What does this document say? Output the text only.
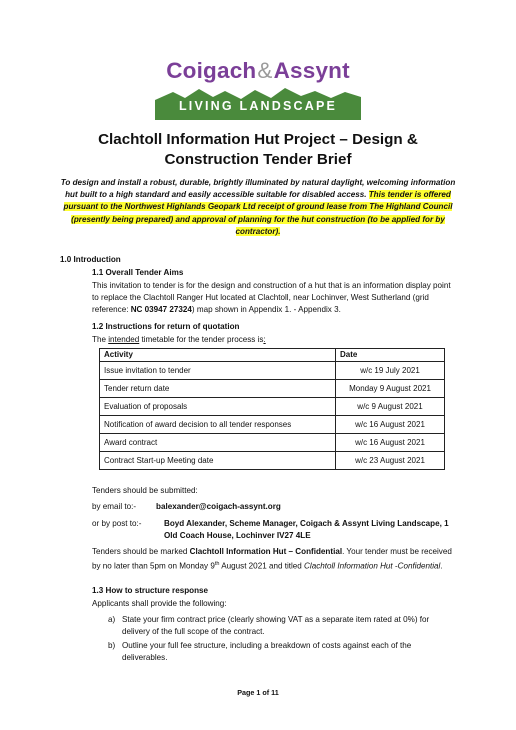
Coigach&Assynt
LIVING LANDSCAPE
Clachtoll Information Hut Project – Design &
Construction Tender Brief
To design and install a robust, durable, brightly illuminated by natural daylight, welcoming information hut built to a high standard and easily accessible suitable for disabled access. This tender is offered pursuant to the Northwest Highlands Geopark Ltd receipt of ground lease from The Highland Council (presently being prepared) and approval of planning for the hut construction (to be applied for by contractor).
1.0 Introduction
1.1 Overall Tender Aims
This invitation to tender is for the design and construction of a hut that is an information display point to replace the Clachtoll Ranger Hut located at Clachtoll, near Lochinver, West Sutherland (grid reference: NC 03947 27324) map shown in Appendix 1. - Appendix 3.
1.2 Instructions for return of quotation
The intended timetable for the tender process is:
Activity	Date
Issue invitation to tender	w/c 19 July 2021
Tender return date	Monday 9 August 2021
Evaluation of proposals	w/c 9 August 2021
Notification of award decision to all tender responses	w/c 16 August 2021
Award contract	w/c 16 August 2021
Contract Start-up Meeting date	w/c 23 August 2021
Tenders should be submitted:
by email to:- balexander@coigach-assynt.org
or by post to:-	Boyd Alexander, Scheme Manager, Coigach & Assynt Living Landscape, 1
Old Coach House, Lochinver IV27 4LE
Tenders should be marked Clachtoll Information Hut – Confidential. Your tender must be received by no later than 5pm on Monday 9th August 2021 and titled Clachtoll Information Hut -Confidential.
1.3 How to structure response
Applicants shall provide the following:
a) State your firm contract price (clearly showing VAT as a separate item rated at 0%) for delivery of the full scope of the contract.
b) Outline your full fee structure, including a breakdown of costs against each of the deliverables.
Page 1 of 11
